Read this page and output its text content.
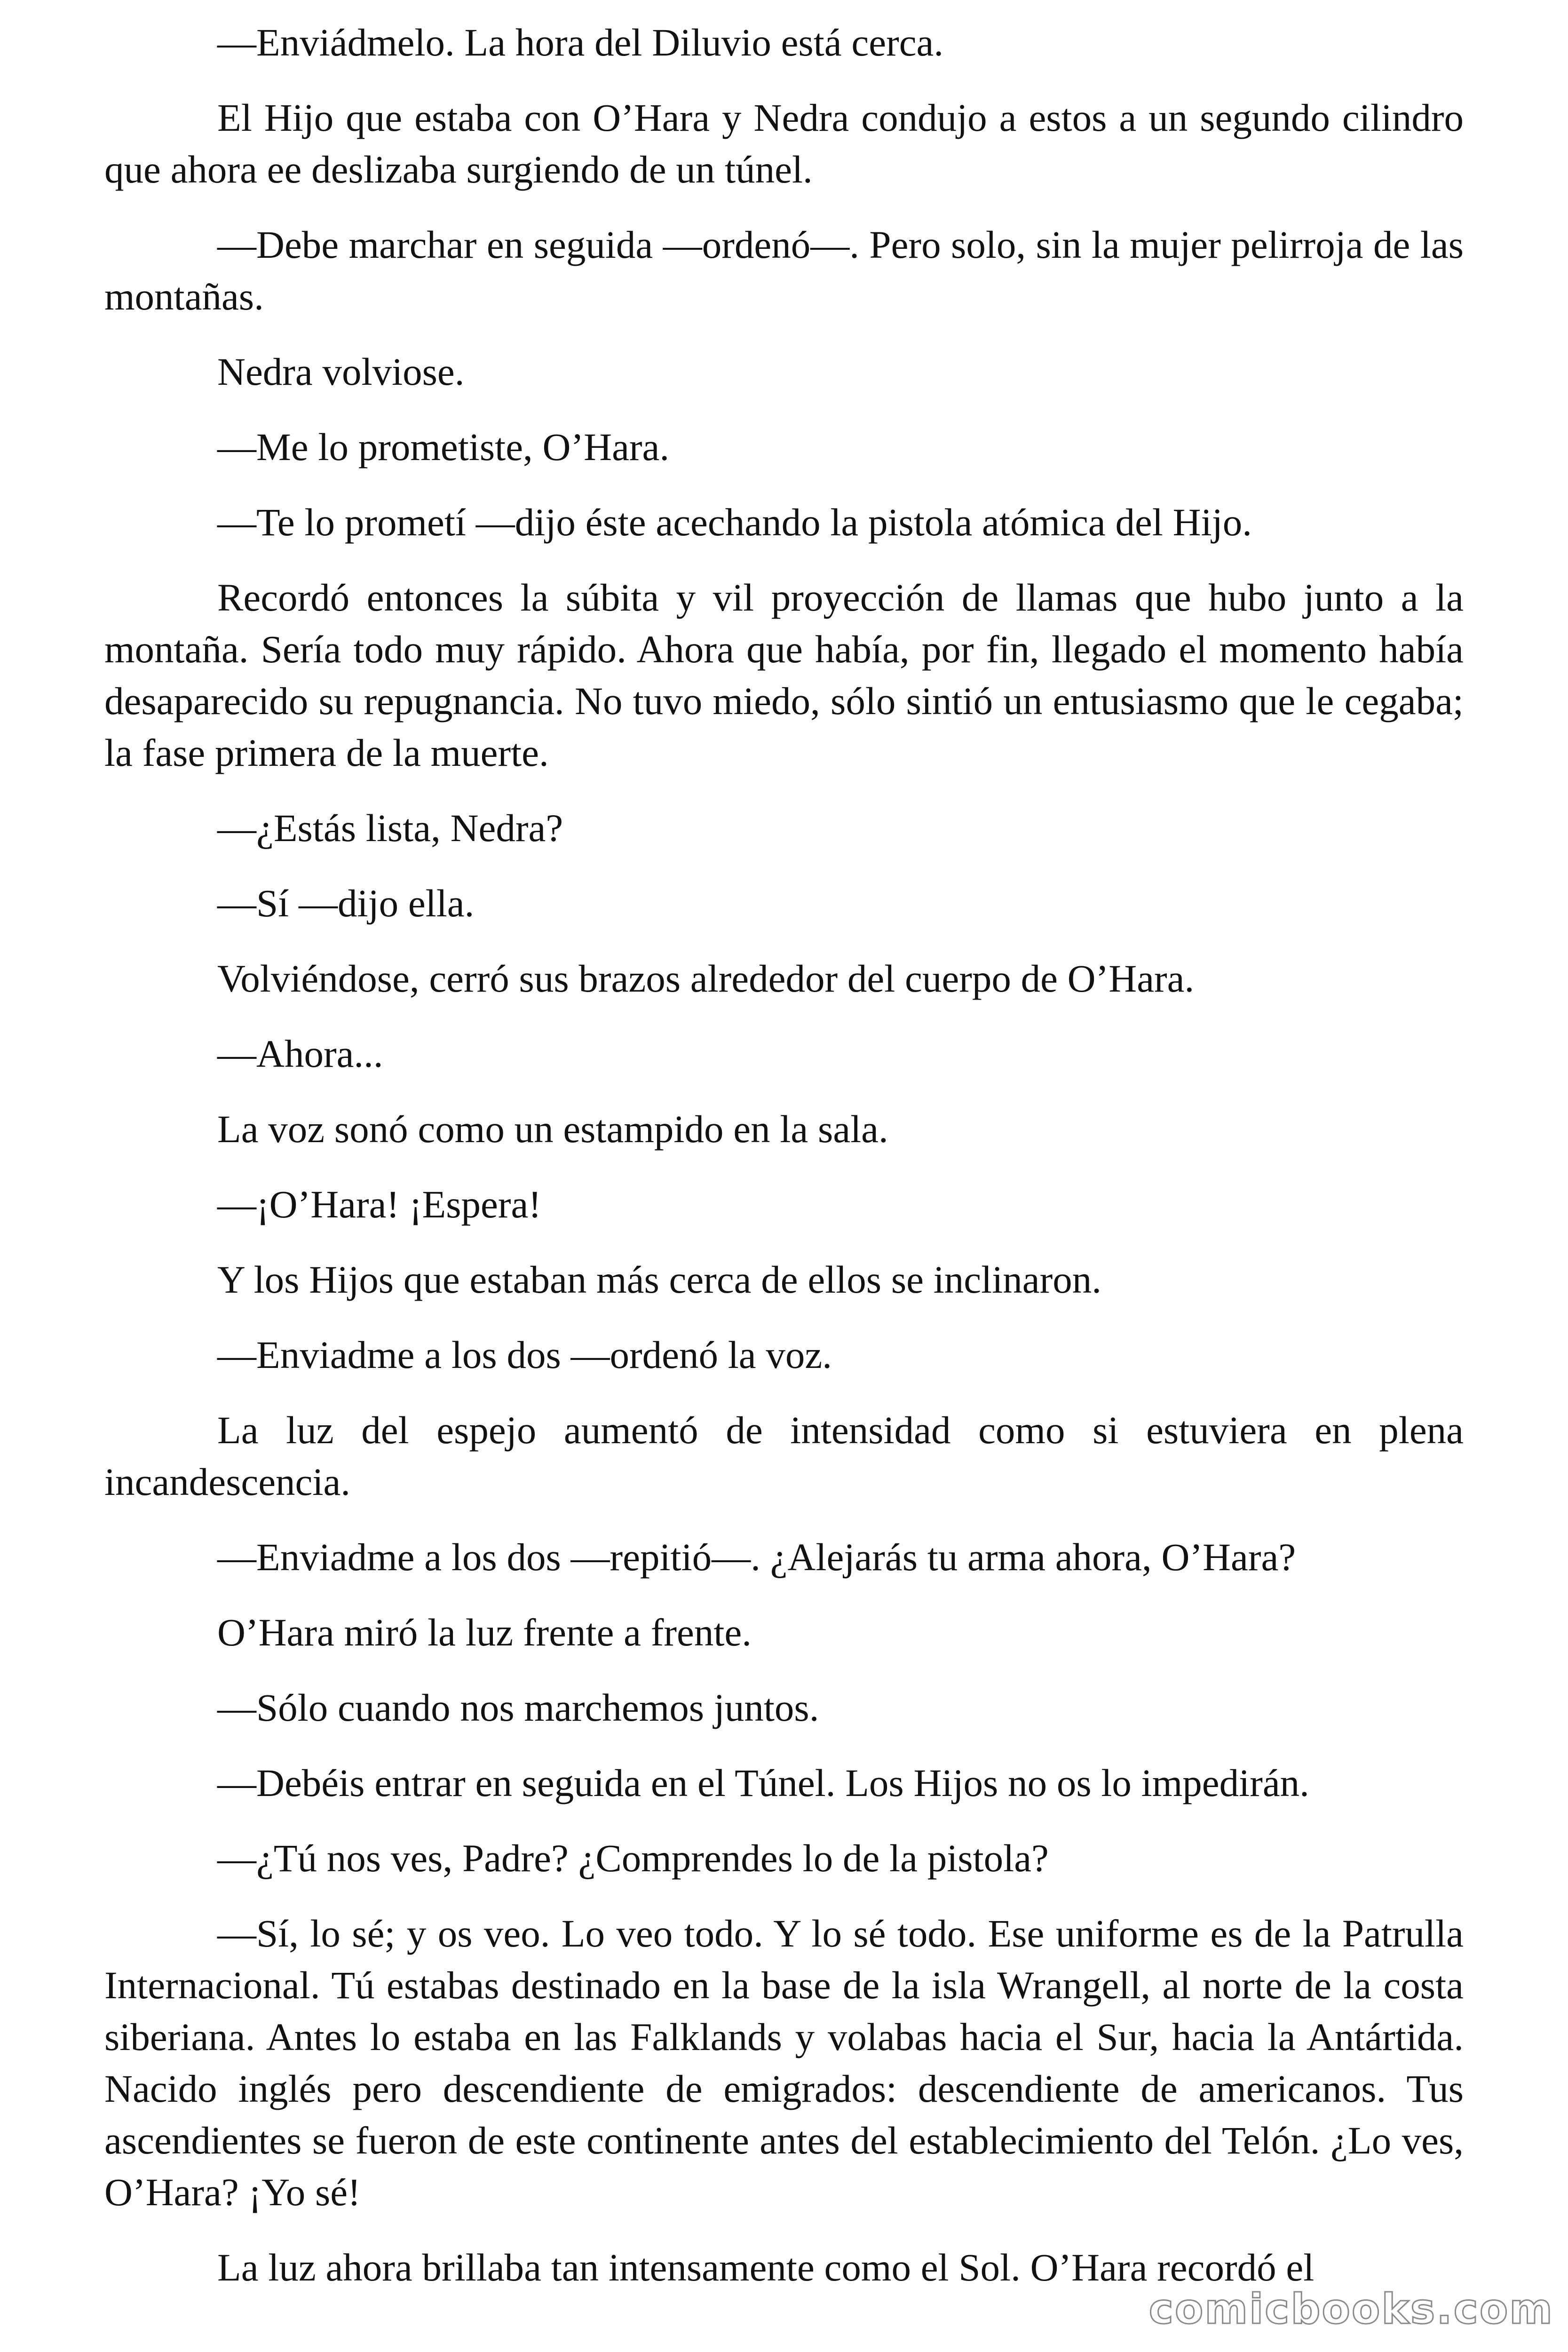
—Enviádmelo. La hora del Diluvio está cerca.

El Hijo que estaba con O’Hara y Nedra condujo a estos a un segundo cilindro que ahora ee deslizaba surgiendo de un túnel.

—Debe marchar en seguida —ordenó—. Pero solo, sin la mujer pelirroja de las montañas.

Nedra volviose.

—Me lo prometiste, O’Hara.

—Te lo prometí —dijo éste acechando la pistola atómica del Hijo.

Recordó entonces la súbita y vil proyección de llamas que hubo junto a la montaña. Sería todo muy rápido. Ahora que había, por fin, llegado el momento había desaparecido su repugnancia. No tuvo miedo, sólo sintió un entusiasmo que le cegaba; la fase primera de la muerte.

—¿Estás lista, Nedra?

—Sí —dijo ella.

Volviéndose, cerró sus brazos alrededor del cuerpo de O’Hara.

—Ahora...

La voz sonó como un estampido en la sala.

—¡O’Hara! ¡Espera!

Y los Hijos que estaban más cerca de ellos se inclinaron.

—Enviadme a los dos —ordenó la voz.

La luz del espejo aumentó de intensidad como si estuviera en plena incandescencia.

—Enviadme a los dos —repitió—. ¿Alejarás tu arma ahora, O’Hara?

O’Hara miró la luz frente a frente.

—Sólo cuando nos marchemos juntos.

—Debéis entrar en seguida en el Túnel. Los Hijos no os lo impedirán.

—¿Tú nos ves, Padre? ¿Comprendes lo de la pistola?

—Sí, lo sé; y os veo. Lo veo todo. Y lo sé todo. Ese uniforme es de la Patrulla Internacional. Tú estabas destinado en la base de la isla Wrangell, al norte de la costa siberiana. Antes lo estaba en las Falklands y volabas hacia el Sur, hacia la Antártida. Nacido inglés pero descendiente de emigrados: descendiente de americanos. Tus ascendientes se fueron de este continente antes del establecimiento del Telón. ¿Lo ves, O’Hara? ¡Yo sé!

La luz ahora brillaba tan intensamente como el Sol. O’Hara recordó el

comicbooks.com
